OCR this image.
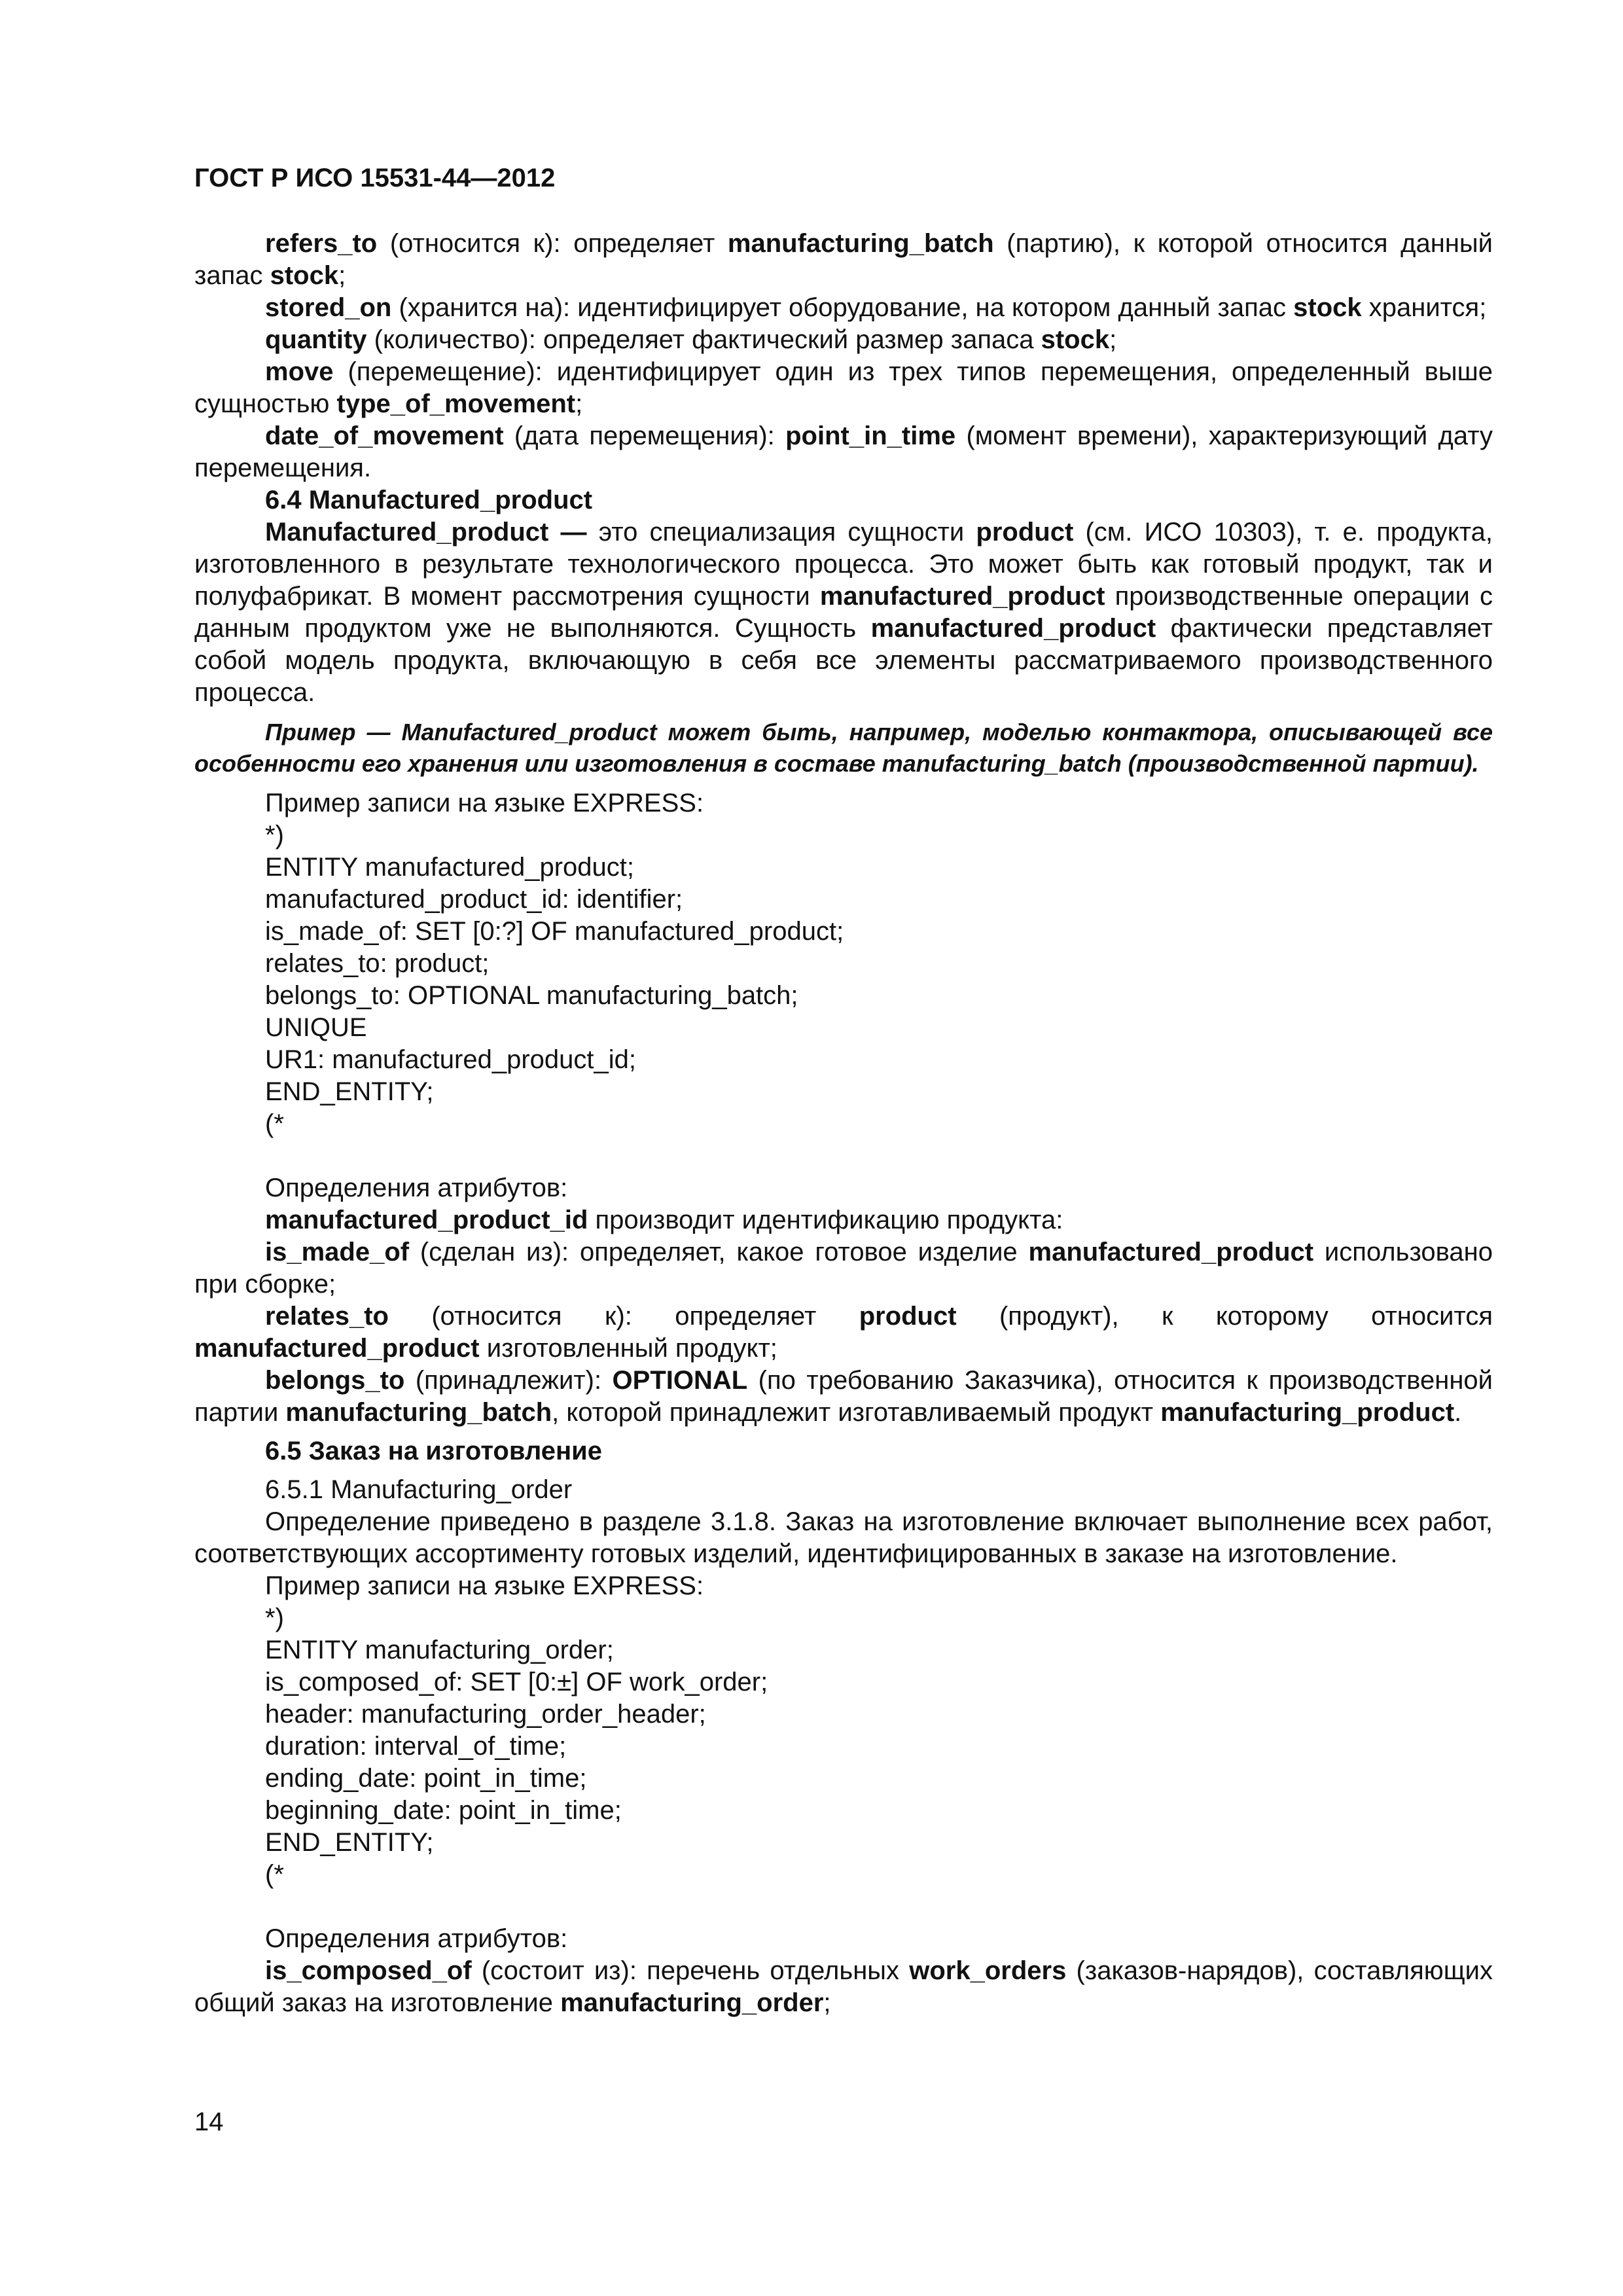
ГОСТ Р ИСО 15531-44—2012

refers_to (относится к): определяет manufacturing_batch (партию), к которой относится данный запас stock;

stored_on (хранится на): идентифицирует оборудование, на котором данный запас stock хранится;

quantity (количество): определяет фактический размер запаса stock;

move (перемещение): идентифицирует один из трех типов перемещения, определенный выше сущностью type_of_movement;

date_of_movement (дата перемещения): point_in_time (момент времени), характеризующий дату перемещения.

6.4 Manufactured_product

Manufactured_product — это специализация сущности product (см. ИСО 10303), т. е. продукта, изготовленного в результате технологического процесса. Это может быть как готовый продукт, так и полуфабрикат. В момент рассмотрения сущности manufactured_product производственные операции с данным продуктом уже не выполняются. Сущность manufactured_product фактически представляет собой модель продукта, включающую в себя все элементы рассматриваемого производственного процесса.

Пример — Manufactured_product может быть, например, моделью контактора, описывающей все особенности его хранения или изготовления в составе manufacturing_batch (производственной партии).

Пример записи на языке EXPRESS:

*)

ENTITY manufactured_product;

manufactured_product_id: identifier;

is_made_of: SET [0:?] OF manufactured_product;

relates_to: product;

belongs_to: OPTIONAL manufacturing_batch;

UNIQUE

UR1: manufactured_product_id;

END_ENTITY;

(*

Определения атрибутов:

manufactured_product_id производит идентификацию продукта:

is_made_of (сделан из): определяет, какое готовое изделие manufactured_product использовано при сборке;

relates_to (относится к): определяет product (продукт), к которому относится manufactured_product изготовленный продукт;

belongs_to (принадлежит): OPTIONAL (по требованию Заказчика), относится к производственной партии manufacturing_batch, которой принадлежит изготавливаемый продукт manufacturing_product.

6.5 Заказ на изготовление

6.5.1 Manufacturing_order

Определение приведено в разделе 3.1.8. Заказ на изготовление включает выполнение всех работ, соответствующих ассортименту готовых изделий, идентифицированных в заказе на изготовление.

Пример записи на языке EXPRESS:

*)

ENTITY manufacturing_order;

is_composed_of: SET [0:±] OF work_order;

header: manufacturing_order_header;

duration: interval_of_time;

ending_date: point_in_time;

beginning_date: point_in_time;

END_ENTITY;

(*

Определения атрибутов:

is_composed_of (состоит из): перечень отдельных work_orders (заказов-нарядов), составляющих общий заказ на изготовление manufacturing_order;

14
